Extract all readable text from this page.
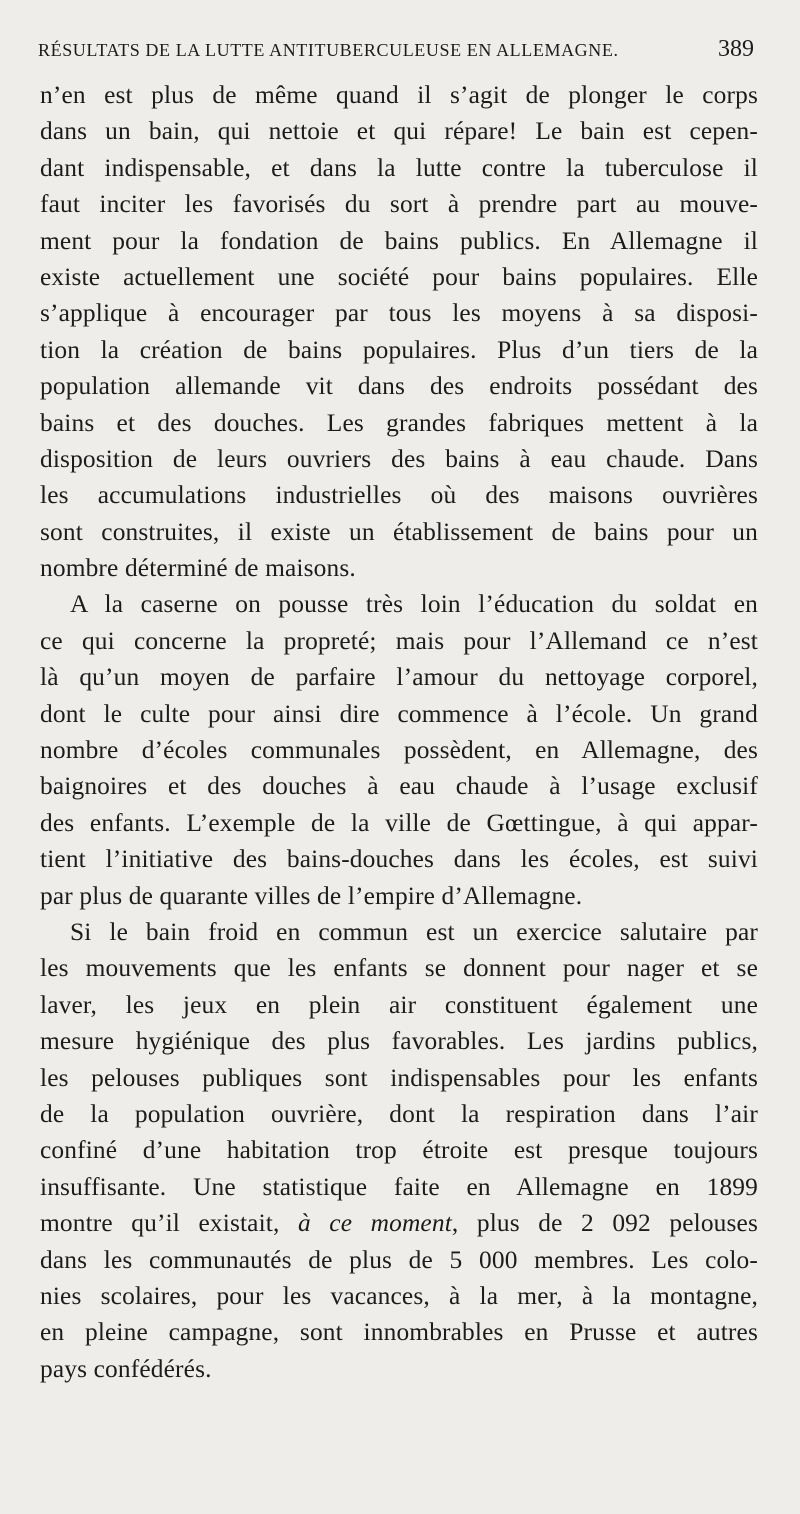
RÉSULTATS DE LA LUTTE ANTITUBERCULEUSE EN ALLEMAGNE.	389
n’en est plus de même quand il s’agit de plonger le corps
dans un bain, qui nettoie et qui répare! Le bain est cepen-
dant indispensable, et dans la lutte contre la tuberculose il
faut inciter les favorisés du sort à prendre part au mouve-
ment pour la fondation de bains publics. En Allemagne il
existe actuellement une société pour bains populaires. Elle
s’applique à encourager par tous les moyens à sa disposi-
tion la création de bains populaires. Plus d’un tiers de la
population allemande vit dans des endroits possédant des
bains et des douches. Les grandes fabriques mettent à la
disposition de leurs ouvriers des bains à eau chaude. Dans
les accumulations industrielles où des maisons ouvrières
sont construites, il existe un établissement de bains pour un
nombre déterminé de maisons.
A la caserne on pousse très loin l’éducation du soldat en
ce qui concerne la propreté; mais pour l’Allemand ce n’est
là qu’un moyen de parfaire l’amour du nettoyage corporel,
dont le culte pour ainsi dire commence à l’école. Un grand
nombre d’écoles communales possèdent, en Allemagne, des
baignoires et des douches à eau chaude à l’usage exclusif
des enfants. L’exemple de la ville de Gœttingue, à qui appar-
tient l’initiative des bains-douches dans les écoles, est suivi
par plus de quarante villes de l’empire d’Allemagne.
Si le bain froid en commun est un exercice salutaire par
les mouvements que les enfants se donnent pour nager et se
laver, les jeux en plein air constituent également une
mesure hygiénique des plus favorables. Les jardins publics,
les pelouses publiques sont indispensables pour les enfants
de la population ouvrière, dont la respiration dans l’air
confiné d’une habitation trop étroite est presque toujours
insuffisante. Une statistique faite en Allemagne en 1899
montre qu’il existait, à ce moment, plus de 2 092 pelouses
dans les communautés de plus de 5 000 membres. Les colo-
nies scolaires, pour les vacances, à la mer, à la montagne,
en pleine campagne, sont innombrables en Prusse et autres
pays confédérés.
